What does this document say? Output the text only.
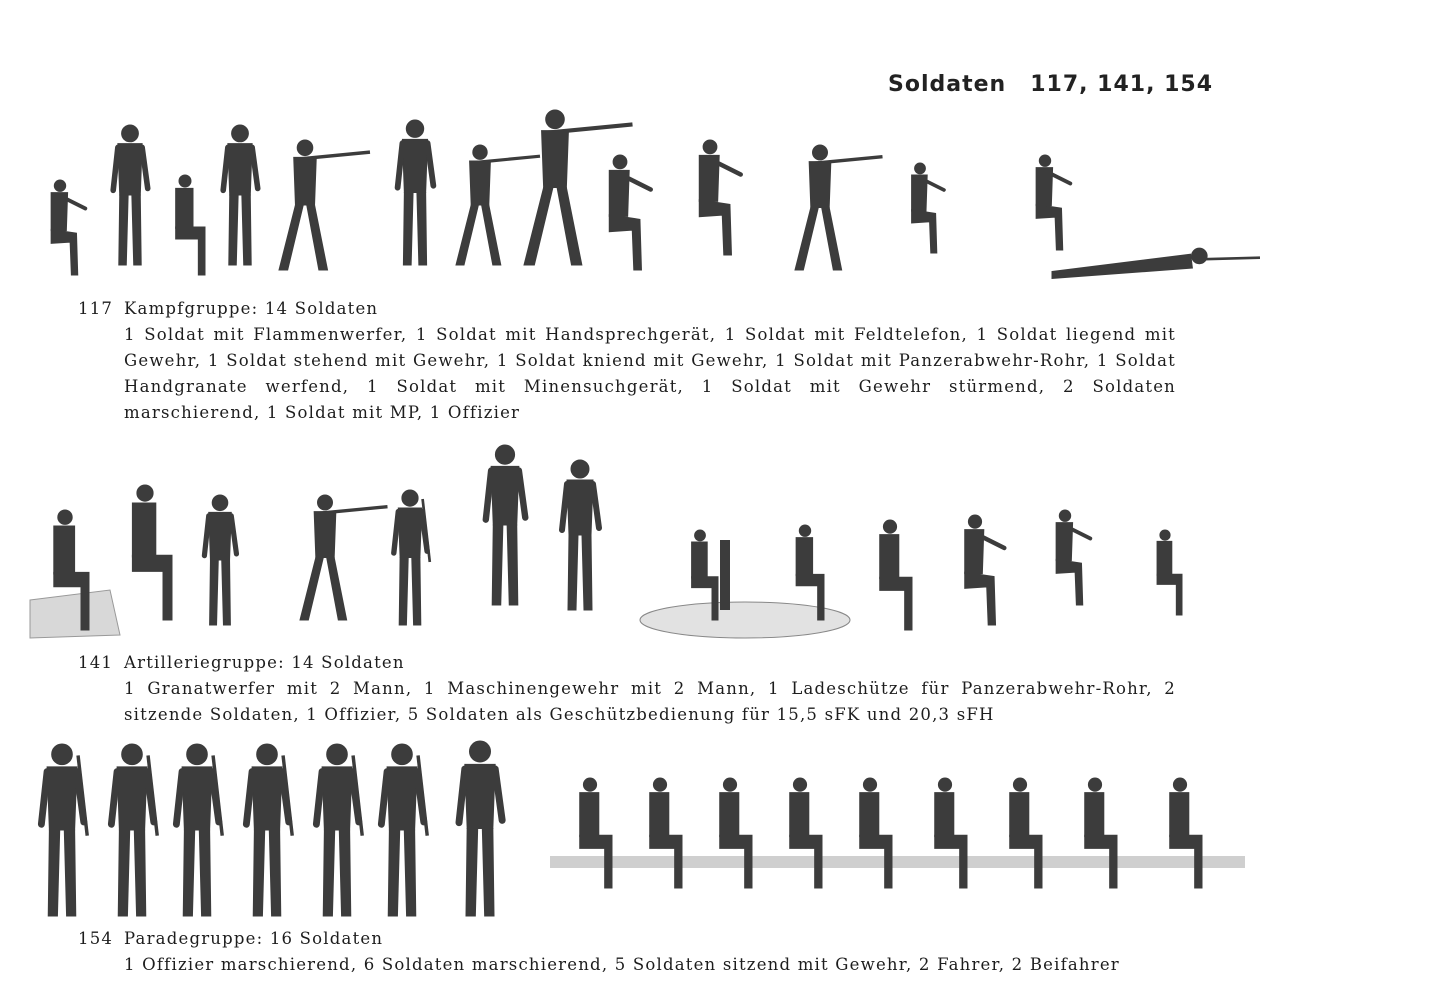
Soldaten 117, 141, 154
117 Kampfgruppe: 14 Soldaten
1 Soldat mit Flammenwerfer, 1 Soldat mit Handsprechgerät, 1 Soldat mit Feldtelefon, 1 Soldat liegend mit Gewehr, 1 Soldat stehend mit Gewehr, 1 Soldat kniend mit Gewehr, 1 Soldat mit Panzerabwehr-Rohr, 1 Soldat Handgranate werfend, 1 Soldat mit Minensuchgerät, 1 Soldat mit Gewehr stürmend, 2 Soldaten marschierend, 1 Soldat mit MP, 1 Offizier
141 Artilleriegruppe: 14 Soldaten
1 Granatwerfer mit 2 Mann, 1 Maschinengewehr mit 2 Mann, 1 Ladeschütze für Panzerabwehr-Rohr, 2 sitzende Soldaten, 1 Offizier, 5 Soldaten als Geschützbedienung für 15,5 sFK und 20,3 sFH
154 Paradegruppe: 16 Soldaten
1 Offizier marschierend, 6 Soldaten marschierend, 5 Soldaten sitzend mit Gewehr, 2 Fahrer, 2 Beifahrer
